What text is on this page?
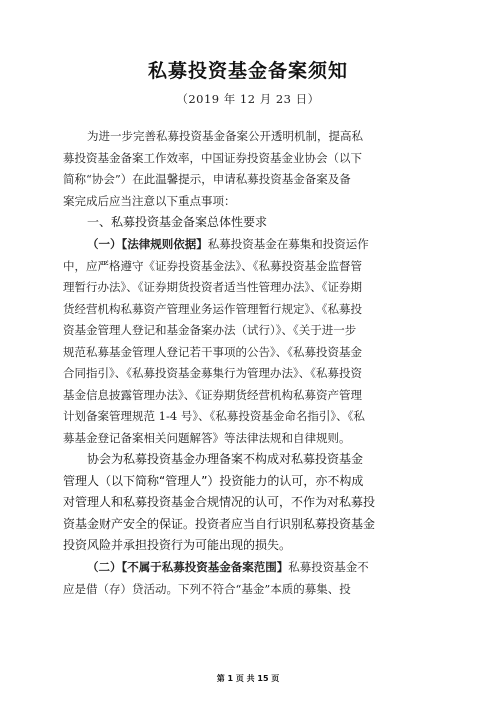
私募投资基金备案须知
（2019 年 12 月 23 日）
为进一步完善私募投资基金备案公开透明机制，提高私
募投资基金备案工作效率，中国证券投资基金业协会（以下
简称“协会”）在此温馨提示，申请私募投资基金备案及备
案完成后应当注意以下重点事项：
一、私募投资基金备案总体性要求
（一）【法律规则依据】私募投资基金在募集和投资运作
中，应严格遵守《证券投资基金法》、《私募投资基金监督管
理暂行办法》、《证券期货投资者适当性管理办法》、《证券期
货经营机构私募资产管理业务运作管理暂行规定》、《私募投
资基金管理人登记和基金备案办法（试行）》、《关于进一步
规范私募基金管理人登记若干事项的公告》、《私募投资基金
合同指引》、《私募投资基金募集行为管理办法》、《私募投资
基金信息披露管理办法》、《证券期货经营机构私募资产管理
计划备案管理规范 1-4 号》、《私募投资基金命名指引》、《私
募基金登记备案相关问题解答》等法律法规和自律规则。
协会为私募投资基金办理备案不构成对私募投资基金
管理人（以下简称“管理人”）投资能力的认可，亦不构成
对管理人和私募投资基金合规情况的认可，不作为对私募投
资基金财产安全的保证。投资者应当自行识别私募投资基金
投资风险并承担投资行为可能出现的损失。
（二）【不属于私募投资基金备案范围】私募投资基金不
应是借（存）贷活动。下列不符合“基金”本质的募集、投
第 1 页 共 15 页
